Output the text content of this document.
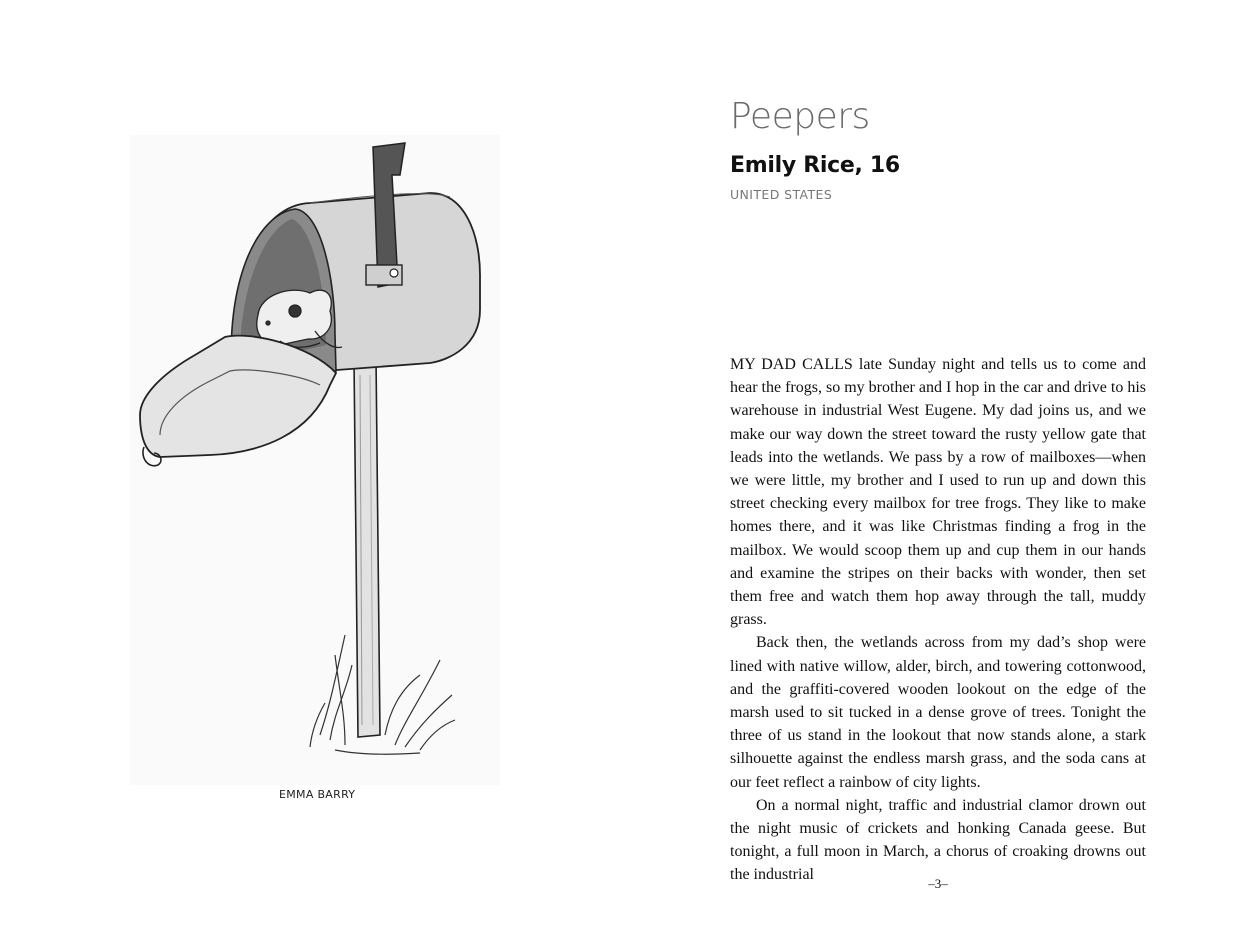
EMMA BARRY
Peepers
Emily Rice, 16
UNITED STATES

MY DAD CALLS late Sunday night and tells us to come and hear the frogs, so my brother and I hop in the car and drive to his warehouse in industrial West Eugene. My dad joins us, and we make our way down the street toward the rusty yellow gate that leads into the wetlands. We pass by a row of mailboxes—when we were little, my brother and I used to run up and down this street checking every mailbox for tree frogs. They like to make homes there, and it was like Christmas finding a frog in the mailbox. We would scoop them up and cup them in our hands and examine the stripes on their backs with wonder, then set them free and watch them hop away through the tall, muddy grass.

Back then, the wetlands across from my dad’s shop were lined with native willow, alder, birch, and towering cottonwood, and the graffiti-covered wooden lookout on the edge of the marsh used to sit tucked in a dense grove of trees. Tonight the three of us stand in the lookout that now stands alone, a stark silhouette against the endless marsh grass, and the soda cans at our feet reflect a rainbow of city lights.

On a normal night, traffic and industrial clamor drown out the night music of crickets and honking Canada geese. But tonight, a full moon in March, a chorus of croaking drowns out the industrial

–3–
